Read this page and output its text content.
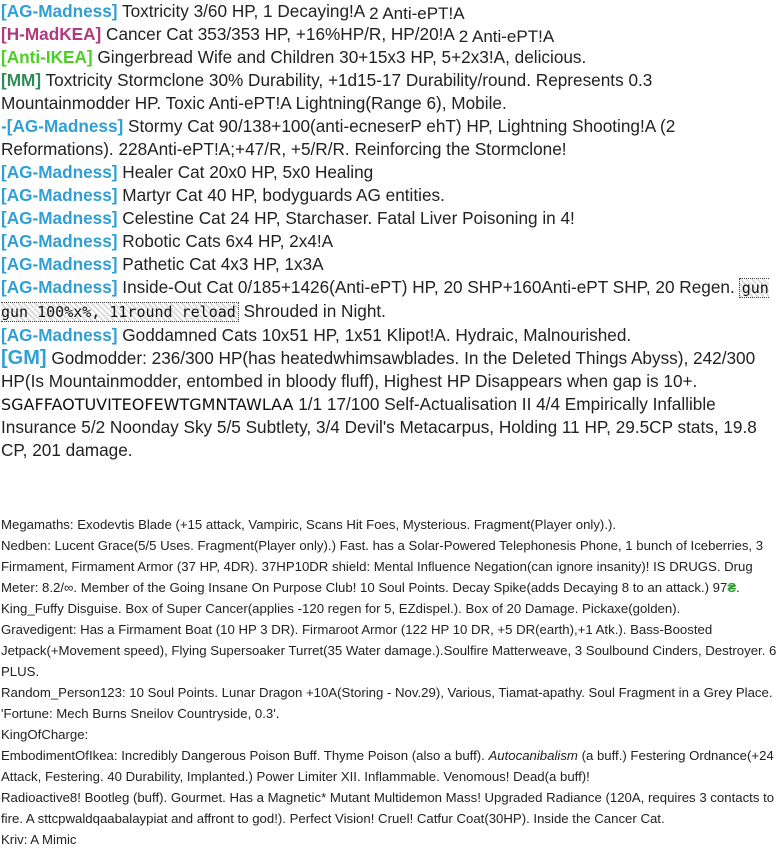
[AG-Madness] Toxtricity 3/60 HP, 1 Decaying!A 2 Anti-ePT!A

[H-MadKEA] Cancer Cat 353/353 HP, +16%HP/R, HP/20!A 2 Anti-ePT!A

[Anti-IKEA] Gingerbread Wife and Children 30+15x3 HP, 5+2x3!A, delicious.

[MM] Toxtricity Stormclone 30% Durability, +1d15-17 Durability/round. Represents 0.3 Mountainmodder HP. Toxic Anti-ePT!A Lightning(Range 6), Mobile.

-[AG-Madness] Stormy Cat 90/138+100(anti-ecneserP ehT) HP, Lightning Shooting!A (2 Reformations). 228Anti-ePT!A;+47/R, +5/R/R. Reinforcing the Stormclone!

[AG-Madness] Healer Cat 20x0 HP, 5x0 Healing

[AG-Madness] Martyr Cat 40 HP, bodyguards AG entities.

[AG-Madness] Celestine Cat 24 HP, Starchaser. Fatal Liver Poisoning in 4!

[AG-Madness] Robotic Cats 6x4 HP, 2x4!A

[AG-Madness] Pathetic Cat 4x3 HP, 1x3A

[AG-Madness] Inside-Out Cat 0/185+1426(Anti-ePT) HP, 20 SHP+160Anti-ePT SHP, 20 Regen. gun gun 100%x%, 11round reload Shrouded in Night.

[AG-Madness] Goddamned Cats 10x51 HP, 1x51 Klipot!A. Hydraic, Malnourished.

[GM] Godmodder: 236/300 HP(has heatedwhimsawblades. In the Deleted Things Abyss), 242/300 HP(Is Mountainmodder, entombed in bloody fluff), Highest HP Disappears when gap is 10+. SGAFFAOTUVITEOFEWTGMNTAWLAA 1/1 17/100 Self-Actualisation II 4/4 Empirically Infallible Insurance 5/2 Noonday Sky 5/5 Subtlety, 3/4 Devil's Metacarpus, Holding 11 HP, 29.5CP stats, 19.8 CP, 201 damage.

Megamaths: Exodevtis Blade (+15 attack, Vampiric, Scans Hit Foes, Mysterious. Fragment(Player only).).

Nedben: Lucent Grace(5/5 Uses. Fragment(Player only).) Fast. has a Solar-Powered Telephonesis Phone, 1 bunch of Iceberries, 3 Firmament, Firmament Armor (37 HP, 4DR). 37HP10DR shield: Mental Influence Negation(can ignore insanity)! IS DRUGS. Drug Meter: 8.2/∞. Member of the Going Insane On Purpose Club! 10 Soul Points. Decay Spike(adds Decaying 8 to an attack.) 97₴. King_Fuffy Disguise. Box of Super Cancer(applies -120 regen for 5, EZdispel.). Box of 20 Damage. Pickaxe(golden).

Gravedigent: Has a Firmament Boat (10 HP 3 DR). Firmaroot Armor (122 HP 10 DR, +5 DR(earth),+1 Atk.). Bass-Boosted Jetpack(+Movement speed), Flying Supersoaker Turret(35 Water damage.).Soulfire Matterweave, 3 Soulbound Cinders, Destroyer. 6 PLUS.

Random_Person123: 10 Soul Points. Lunar Dragon +10A(Storing - Nov.29), Various, Tiamat-apathy. Soul Fragment in a Grey Place. 'Fortune: Mech Burns Sneilov Countryside, 0.3'.

KingOfCharge:

EmbodimentOfIkea: Incredibly Dangerous Poison Buff. Thyme Poison (also a buff). Autocanibalism (a buff.) Festering Ordnance(+24 Attack, Festering. 40 Durability, Implanted.) Power Limiter XII. Inflammable. Venomous! Dead(a buff)!

Radioactive8! Bootleg (buff). Gourmet. Has a Magnetic* Mutant Multidemon Mass! Upgraded Radiance (120A, requires 3 contacts to fire. A sttcpwaldqaabalaypiat and affront to god!). Perfect Vision! Cruel! Catfur Coat(30HP). Inside the Cancer Cat.

Kriv: A Mimic
